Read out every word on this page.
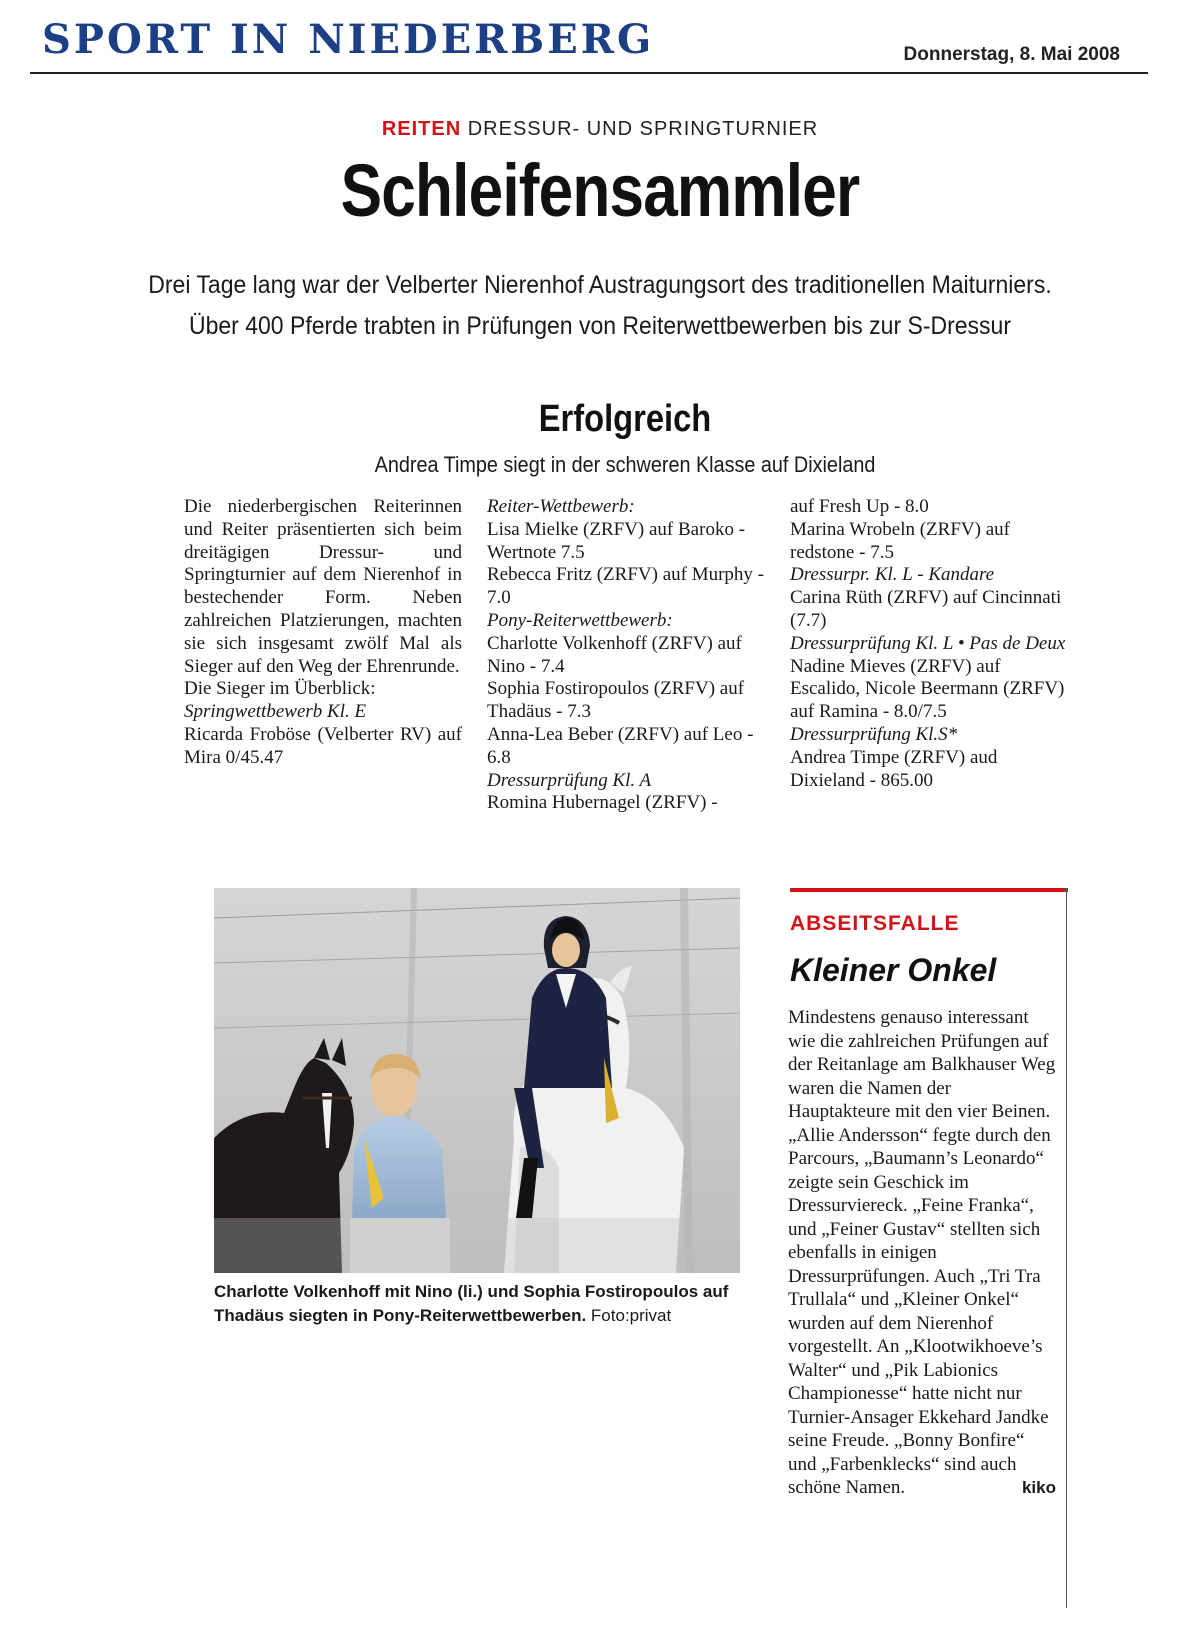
SPORT IN NIEDERBERG	Donnerstag, 8. Mai 2008
REITEN DRESSUR- UND SPRINGTURNIER
Schleifensammler
Drei Tage lang war der Velberter Nierenhof Austragungsort des traditionellen Maiturniers.
Über 400 Pferde trabten in Prüfungen von Reiterwettbewerben bis zur S-Dressur
Erfolgreich
Andrea Timpe siegt in der schweren Klasse auf Dixieland

Die niederbergischen Reiterinnen und Reiter präsentierten sich beim dreitägigen Dressur- und Springturnier auf dem Nierenhof in bestechender Form. Neben zahlreichen Platzierungen, machten sie sich insgesamt zwölf Mal als Sieger auf den Weg der Ehrenrunde.

Die Sieger im Überblick:

Springwettbewerb Kl. E

Ricarda Froböse (Velberter RV) auf Mira 0/45.47

Reiter-Wettbewerb:

Lisa Mielke (ZRFV) auf Baroko - Wertnote 7.5

Rebecca Fritz (ZRFV) auf Murphy - 7.0

Pony-Reiterwettbewerb:

Charlotte Volkenhoff (ZRFV) auf Nino - 7.4

Sophia Fostiropoulos (ZRFV) auf Thadäus - 7.3

Anna-Lea Beber (ZRFV) auf Leo - 6.8

Dressurprüfung Kl. A

Romina Hubernagel (ZRFV) -

auf Fresh Up - 8.0

Marina Wrobeln (ZRFV) auf redstone - 7.5

Dressurpr. Kl. L - Kandare

Carina Rüth (ZRFV) auf Cincinnati (7.7)

Dressurprüfung Kl. L • Pas de Deux

Nadine Mieves (ZRFV) auf Escalido, Nicole Beermann (ZRFV) auf Ramina - 8.0/7.5

Dressurprüfung Kl.S*

Andrea Timpe (ZRFV) aud Dixieland - 865.00

Charlotte Volkenhoff mit Nino (li.) und Sophia Fostiropoulos auf Thadäus siegten in Pony-Reiterwettbewerben. Foto:privat
ABSEITSFALLE
Kleiner Onkel
Mindestens genauso interessant wie die zahlreichen Prüfungen auf der Reitanlage am Balkhauser Weg waren die Namen der Hauptakteure mit den vier Beinen. „Allie Andersson“ fegte durch den Parcours, „Baumann’s Leonardo“ zeigte sein Geschick im Dressurviereck. „Feine Franka“, und „Feiner Gustav“ stellten sich ebenfalls in einigen Dressurprüfungen. Auch „Tri Tra Trullala“ und „Kleiner Onkel“ wurden auf dem Nierenhof vorgestellt. An „Klootwikhoeve’s Walter“ und „Pik Labionics Championesse“ hatte nicht nur Turnier-Ansager Ekkehard Jandke seine Freude. „Bonny Bonfire“ und „Farbenklecks“ sind auch schöne Namen.	kiko
